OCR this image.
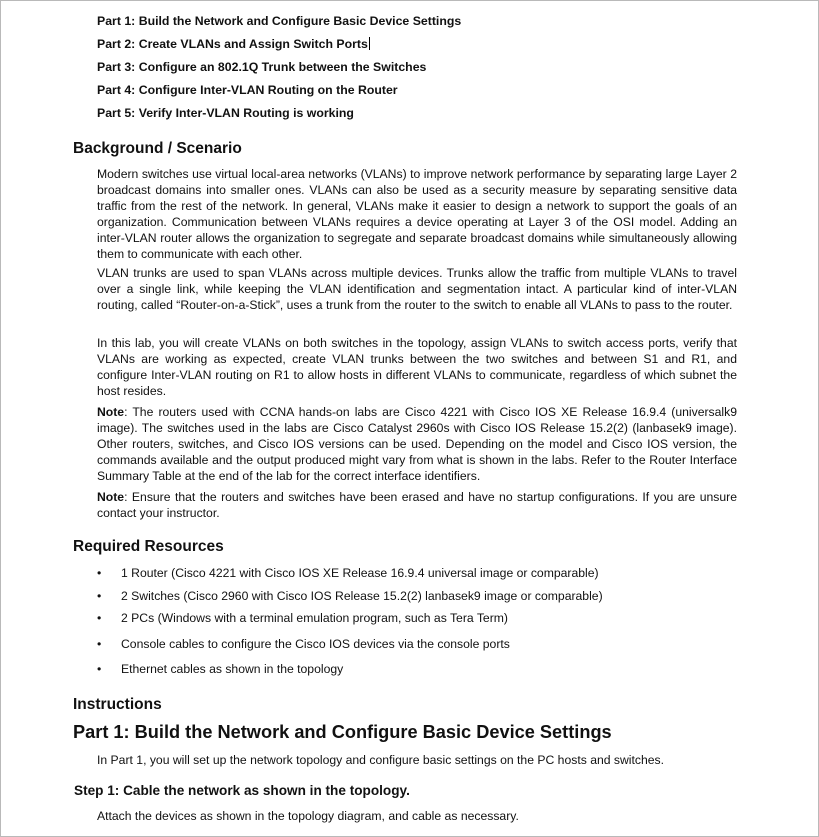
Part 1: Build the Network and Configure Basic Device Settings

Part 2: Create VLANs and Assign Switch Ports

Part 3: Configure an 802.1Q Trunk between the Switches

Part 4: Configure Inter-VLAN Routing on the Router

Part 5: Verify Inter-VLAN Routing is working

Background / Scenario

Modern switches use virtual local-area networks (VLANs) to improve network performance by separating large Layer 2 broadcast domains into smaller ones. VLANs can also be used as a security measure by separating sensitive data traffic from the rest of the network. In general, VLANs make it easier to design a network to support the goals of an organization. Communication between VLANs requires a device operating at Layer 3 of the OSI model. Adding an inter-VLAN router allows the organization to segregate and separate broadcast domains while simultaneously allowing them to communicate with each other.

VLAN trunks are used to span VLANs across multiple devices. Trunks allow the traffic from multiple VLANs to travel over a single link, while keeping the VLAN identification and segmentation intact. A particular kind of inter-VLAN routing, called “Router-on-a-Stick”, uses a trunk from the router to the switch to enable all VLANs to pass to the router.

In this lab, you will create VLANs on both switches in the topology, assign VLANs to switch access ports, verify that VLANs are working as expected, create VLAN trunks between the two switches and between S1 and R1, and configure Inter-VLAN routing on R1 to allow hosts in different VLANs to communicate, regardless of which subnet the host resides.

Note: The routers used with CCNA hands-on labs are Cisco 4221 with Cisco IOS XE Release 16.9.4 (universalk9 image). The switches used in the labs are Cisco Catalyst 2960s with Cisco IOS Release 15.2(2) (lanbasek9 image). Other routers, switches, and Cisco IOS versions can be used. Depending on the model and Cisco IOS version, the commands available and the output produced might vary from what is shown in the labs. Refer to the Router Interface Summary Table at the end of the lab for the correct interface identifiers.

Note: Ensure that the routers and switches have been erased and have no startup configurations. If you are unsure contact your instructor.

Required Resources
•	1 Router (Cisco 4221 with Cisco IOS XE Release 16.9.4 universal image or comparable)
•	2 Switches (Cisco 2960 with Cisco IOS Release 15.2(2) lanbasek9 image or comparable)
•	2 PCs (Windows with a terminal emulation program, such as Tera Term)
•	Console cables to configure the Cisco IOS devices via the console ports
•	Ethernet cables as shown in the topology
Instructions
Part 1: Build the Network and Configure Basic Device Settings

In Part 1, you will set up the network topology and configure basic settings on the PC hosts and switches.

Step 1: Cable the network as shown in the topology.

Attach the devices as shown in the topology diagram, and cable as necessary.
